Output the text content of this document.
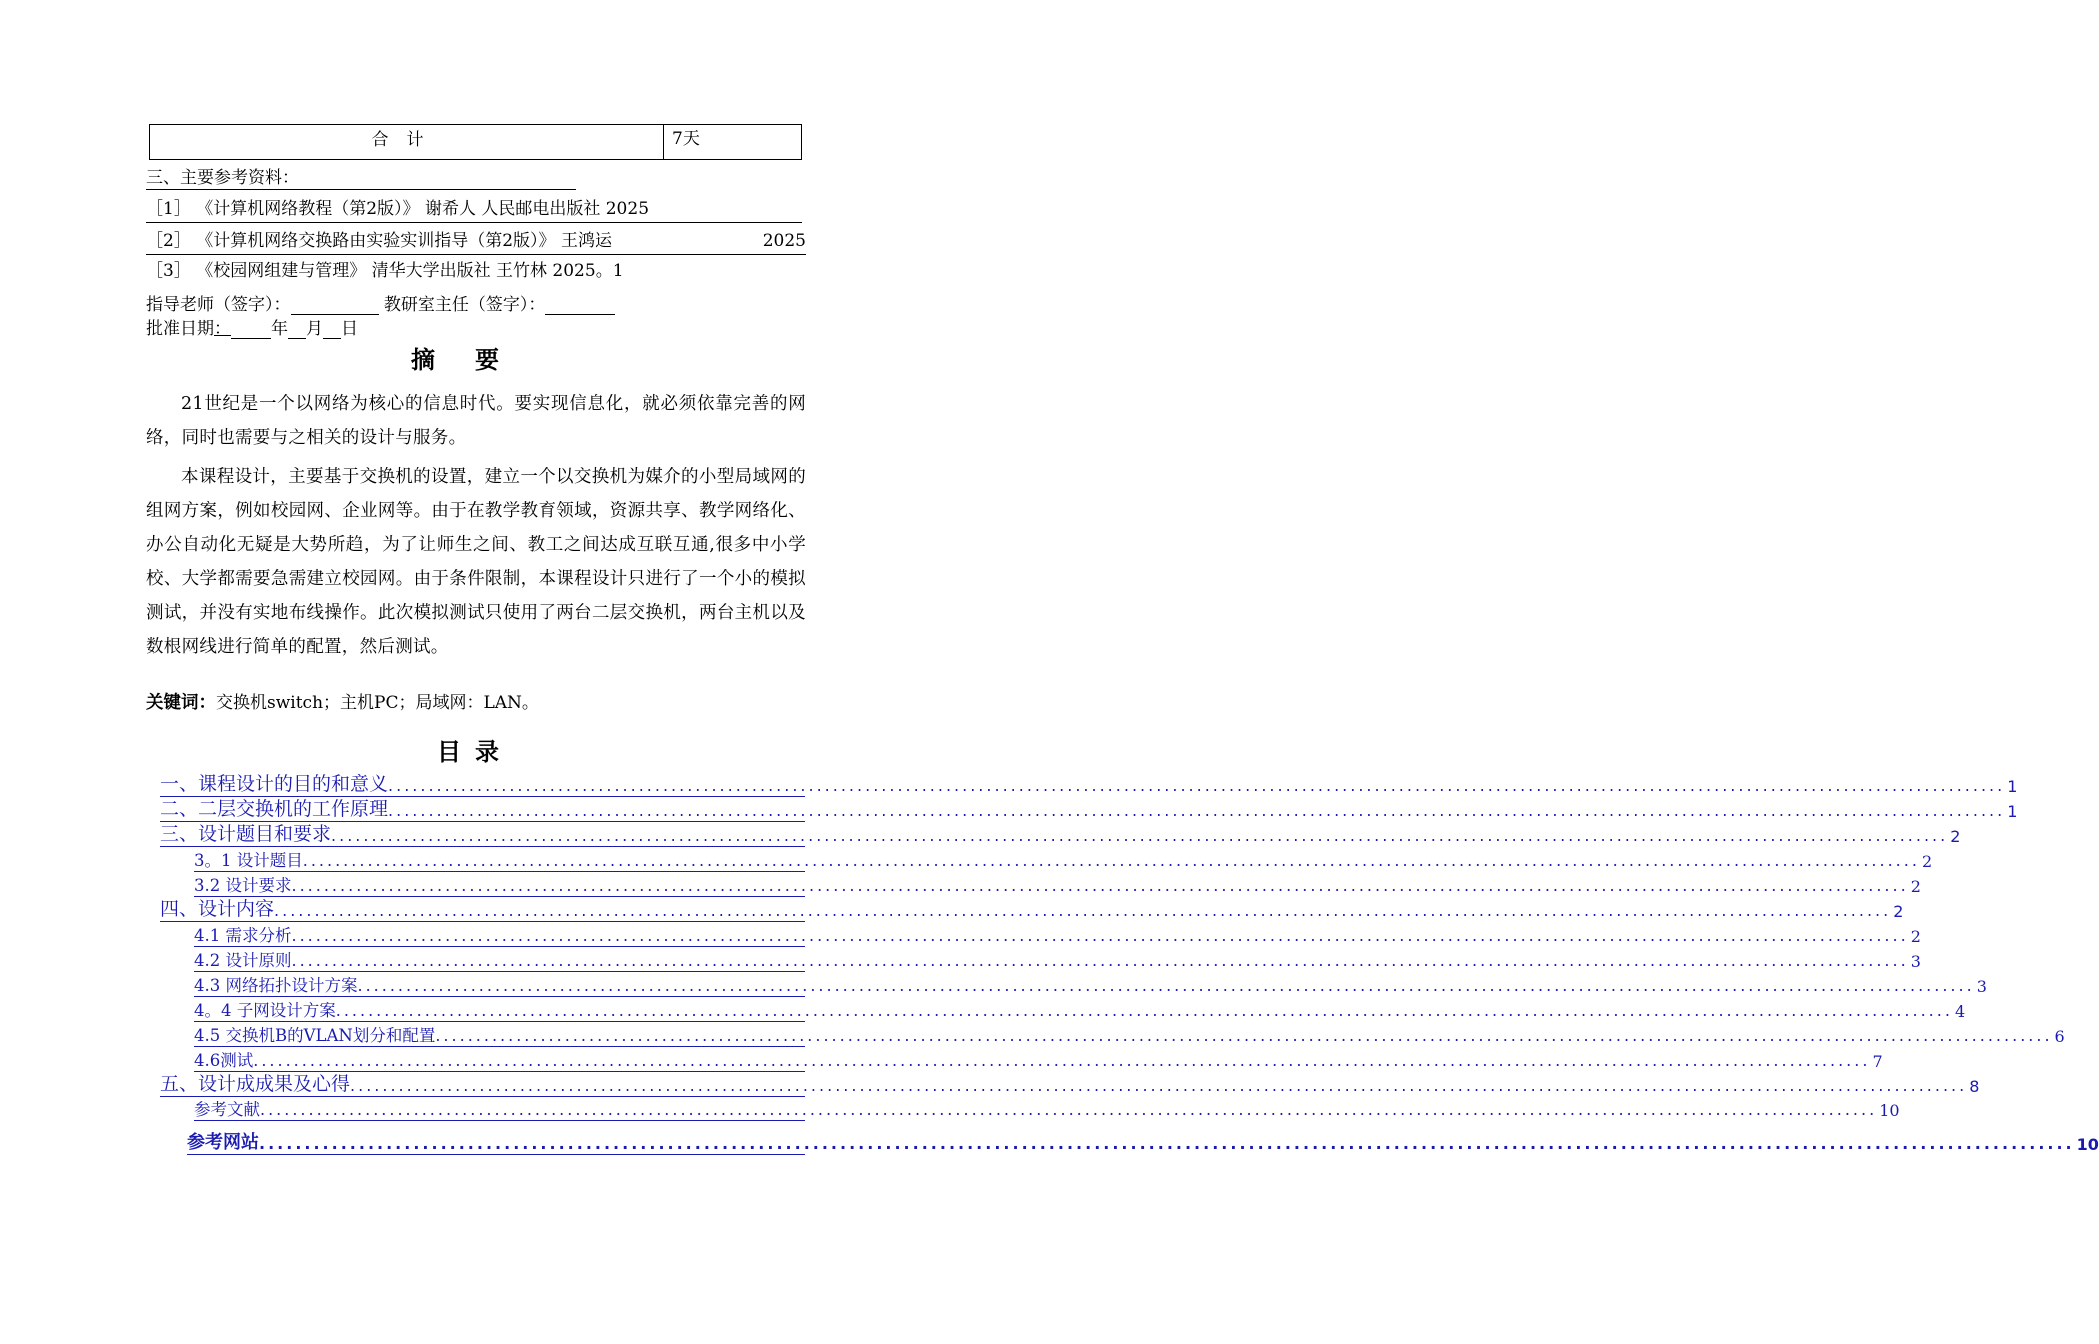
合计	7天
三、主要参考资料：
［1］ 《计算机网络教程（第2版）》 谢希人 人民邮电出版社 2025
［2］ 《计算机网络交换路由实验实训指导（第2版）》 王鸿运	2025
［3］ 《校园网组建与管理》 清华大学出版社 王竹林 2025。1
指导老师（签字）：	教研室主任（签字）：
批准日期： 年 月 日
摘要
21世纪是一个以网络为核心的信息时代。要实现信息化，就必须依靠完善的网络，同时也需要与之相关的设计与服务。
本课程设计，主要基于交换机的设置，建立一个以交换机为媒介的小型局域网的组网方案，例如校园网、企业网等。由于在教学教育领域，资源共享、教学网络化、办公自动化无疑是大势所趋，为了让师生之间、教工之间达成互联互通,很多中小学校、大学都需要急需建立校园网。由于条件限制，本课程设计只进行了一个小的模拟测试，并没有实地布线操作。此次模拟测试只使用了两台二层交换机，两台主机以及数根网线进行简单的配置，然后测试。
关键词：交换机switch；主机PC；局域网：LAN。
目录
一、 课程设计的目的和意义 ........................................................................................................................................................................................................ 1
二、 二层交换机的工作原理 ........................................................................................................................................................................................................ 1
三、 设计题目和要求 ........................................................................................................................................................................................................ 2
3。1 设计题目 ........................................................................................................................................................................................................ 2
3.2 设计要求 ........................................................................................................................................................................................................ 2
四、 设计内容 ........................................................................................................................................................................................................ 2
4.1 需求分析 ........................................................................................................................................................................................................ 2
4.2 设计原则 ........................................................................................................................................................................................................ 3
4.3 网络拓扑设计方案 ........................................................................................................................................................................................................ 3
4。4 子网设计方案 ........................................................................................................................................................................................................ 4
4.5 交换机B的VLAN划分和配置 ........................................................................................................................................................................................................ 6
4.6测试 ........................................................................................................................................................................................................ 7
五、 设计成成果及心得 ........................................................................................................................................................................................................ 8
参考文献 ........................................................................................................................................................................................................ 10
参考网站 ........................................................................................................................................................................................................ 10
